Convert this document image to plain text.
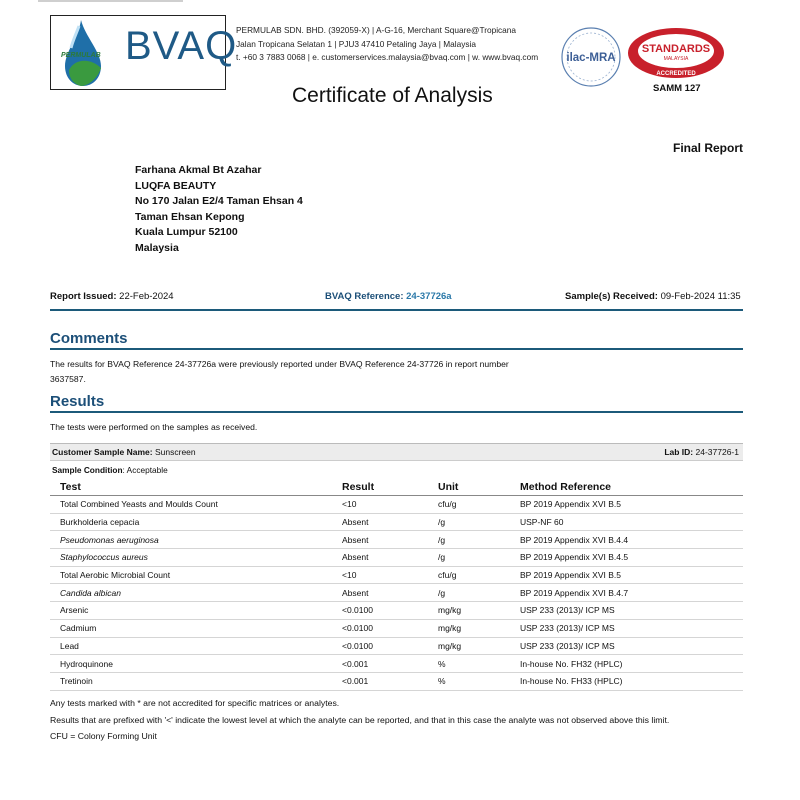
PERMULAB BVAQ
PERMULAB SDN. BHD. (392059-X) | A-G-16, Merchant Square@Tropicana
Jalan Tropicana Selatan 1 | PJU3 47410 Petaling Jaya | Malaysia
t. +60 3 7883 0068 | e. customerservices.malaysia@bvaq.com | w. www.bvaq.com ilac-MRA
STANDARDS
MALAYSIA
ACCREDITED
SAMM 127
Certificate of Analysis
Final Report
Farhana Akmal Bt Azahar
LUQFA BEAUTY
No 170 Jalan E2/4 Taman Ehsan 4
Taman Ehsan Kepong
Kuala Lumpur 52100
Malaysia
Report Issued: 22-Feb-2024	BVAQ Reference: 24-37726a	Sample(s) Received: 09-Feb-2024 11:35
Comments
The results for BVAQ Reference 24-37726a were previously reported under BVAQ Reference 24-37726 in report number
3637587.
Results
The tests were performed on the samples as received.
Customer Sample Name: Sunscreen	Lab ID: 24-37726-1
Sample Condition: Acceptable
Test	Result	Unit	Method Reference
Total Combined Yeasts and Moulds Count	<10	cfu/g	BP 2019 Appendix XVI B.5
Burkholderia cepacia	Absent	/g	USP-NF 60
Pseudomonas aeruginosa	Absent	/g	BP 2019 Appendix XVI B.4.4
Staphylococcus aureus	Absent	/g	BP 2019 Appendix XVI B.4.5
Total Aerobic Microbial Count	<10	cfu/g	BP 2019 Appendix XVI B.5
Candida albican	Absent	/g	BP 2019 Appendix XVI B.4.7
Arsenic	<0.0100	mg/kg	USP 233 (2013)/ ICP MS
Cadmium	<0.0100	mg/kg	USP 233 (2013)/ ICP MS
Lead	<0.0100	mg/kg	USP 233 (2013)/ ICP MS
Hydroquinone	<0.001	%	In-house No. FH32 (HPLC)
Tretinoin	<0.001	%	In-house No. FH33 (HPLC)
Any tests marked with * are not accredited for specific matrices or analytes.
Results that are prefixed with '<' indicate the lowest level at which the analyte can be reported, and that in this case the analyte was not observed above this limit.
CFU = Colony Forming Unit
